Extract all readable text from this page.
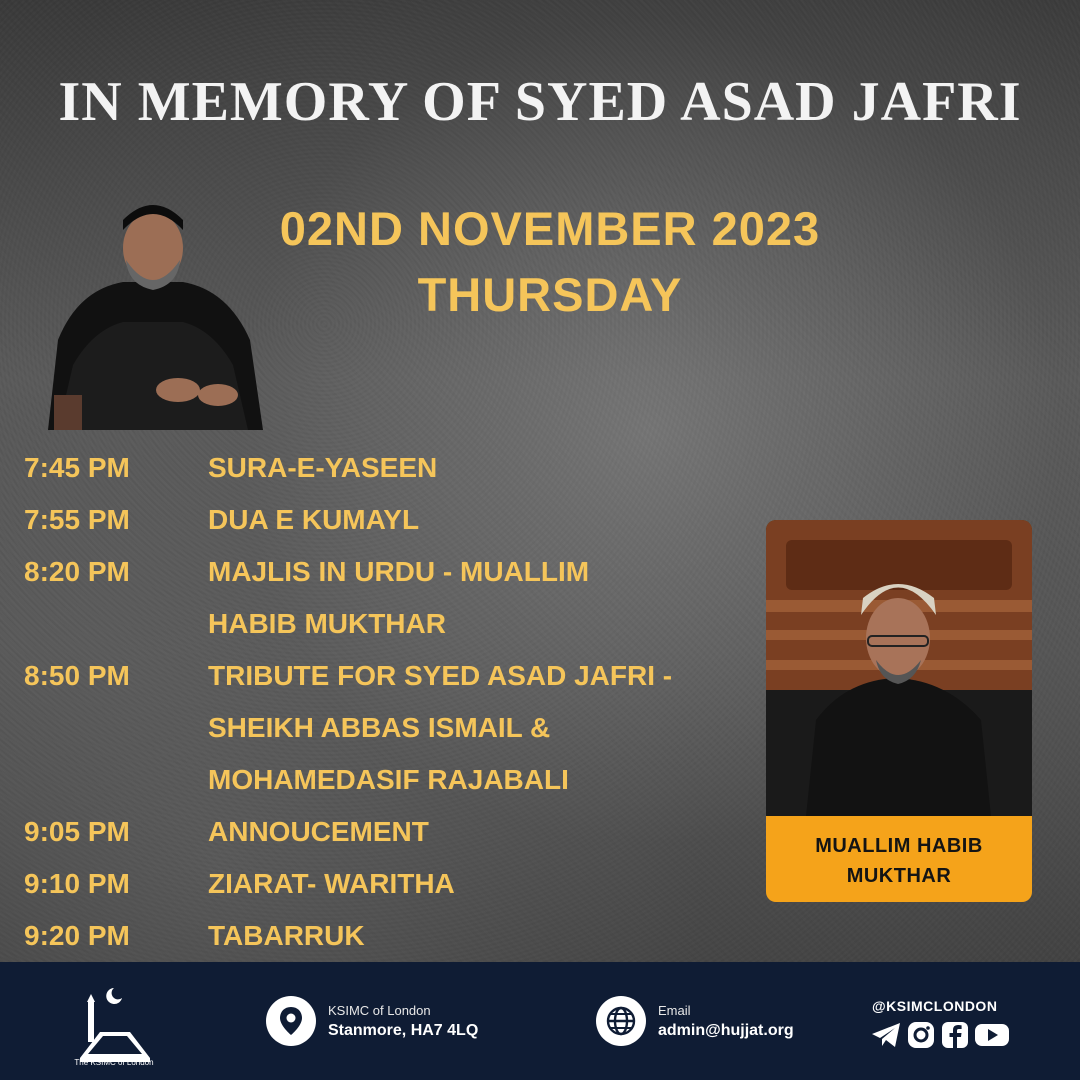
IN MEMORY OF SYED ASAD JAFRI
02ND NOVEMBER 2023
THURSDAY
7:45 PM	SURA-E-YASEEN
7:55 PM	DUA E KUMAYL
8:20 PM	MAJLIS IN URDU - MUALLIM
HABIB MUKTHAR
8:50 PM	TRIBUTE FOR SYED ASAD JAFRI -
SHEIKH ABBAS ISMAIL &
MOHAMEDASIF RAJABALI
9:05 PM	ANNOUCEMENT
9:10 PM	ZIARAT- WARITHA
9:20 PM	TABARRUK
MUALLIM HABIB
MUKTHAR
The KSIMC of London
KSIMC of London
Stanmore, HA7 4LQ
Email
admin@hujjat.org
@KSIMCLONDON
